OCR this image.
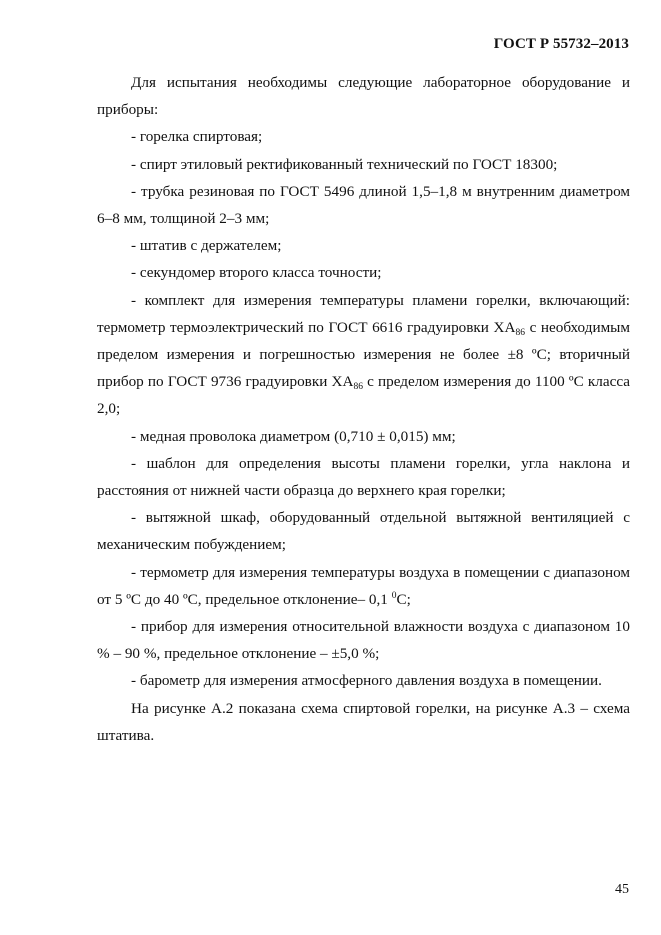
ГОСТ Р 55732–2013

Для испытания необходимы следующие лабораторное оборудование и приборы:

- горелка спиртовая;

- спирт этиловый ректификованный технический по ГОСТ 18300;

- трубка резиновая по ГОСТ 5496 длиной 1,5–1,8 м внутренним диаметром 6–8 мм, толщиной 2–3 мм;

- штатив с держателем;

- секундомер второго класса точности;

- комплект для измерения температуры пламени горелки, включающий: термометр термоэлектрический по ГОСТ 6616 градуировки $ХА_{86}$ с необходимым пределом измерения и погрешностью измерения не более ±8 ºС; вторичный прибор по ГОСТ 9736 градуировки $ХА_{86}$ с пределом измерения до 1100 ºС класса 2,0;

- медная проволока диаметром (0,710 ± 0,015) мм;

- шаблон для определения высоты пламени горелки, угла наклона и расстояния от нижней части образца до верхнего края горелки;

- вытяжной шкаф, оборудованный отдельной вытяжной вентиляцией с механическим побуждением;

- термометр для измерения температуры воздуха в помещении с диапазоном от 5 ºС до 40 ºС, предельное отклонение– 0,1 $^0$С;

- прибор для измерения относительной влажности воздуха с диапазоном 10 % – 90 %, предельное отклонение – ±5,0 %;

- барометр для измерения атмосферного давления воздуха в помещении.

На рисунке А.2 показана схема спиртовой горелки, на рисунке А.3 – схема штатива.

45
